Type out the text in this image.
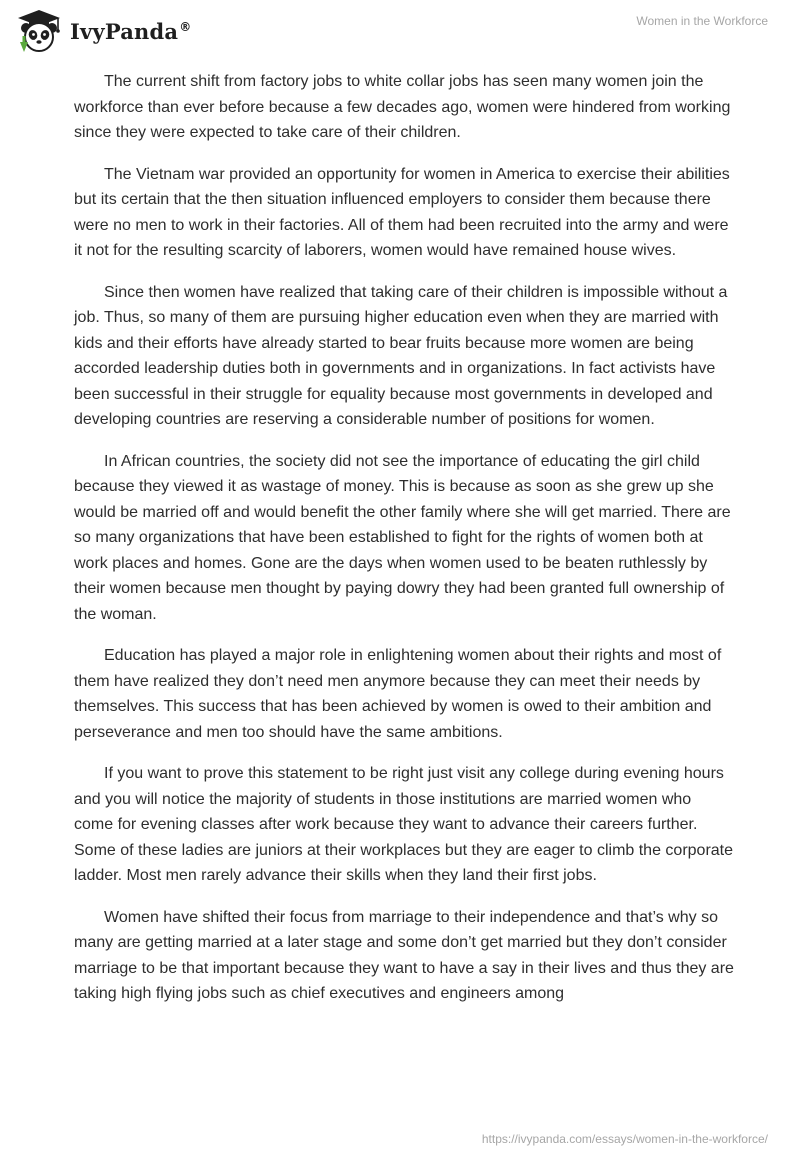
IvyPanda®	Women in the Workforce

The current shift from factory jobs to white collar jobs has seen many women join the workforce than ever before because a few decades ago, women were hindered from working since they were expected to take care of their children.

The Vietnam war provided an opportunity for women in America to exercise their abilities but its certain that the then situation influenced employers to consider them because there were no men to work in their factories. All of them had been recruited into the army and were it not for the resulting scarcity of laborers, women would have remained house wives.

Since then women have realized that taking care of their children is impossible without a job. Thus, so many of them are pursuing higher education even when they are married with kids and their efforts have already started to bear fruits because more women are being accorded leadership duties both in governments and in organizations. In fact activists have been successful in their struggle for equality because most governments in developed and developing countries are reserving a considerable number of positions for women.

In African countries, the society did not see the importance of educating the girl child because they viewed it as wastage of money. This is because as soon as she grew up she would be married off and would benefit the other family where she will get married. There are so many organizations that have been established to fight for the rights of women both at work places and homes. Gone are the days when women used to be beaten ruthlessly by their women because men thought by paying dowry they had been granted full ownership of the woman.

Education has played a major role in enlightening women about their rights and most of them have realized they don’t need men anymore because they can meet their needs by themselves. This success that has been achieved by women is owed to their ambition and perseverance and men too should have the same ambitions.

If you want to prove this statement to be right just visit any college during evening hours and you will notice the majority of students in those institutions are married women who come for evening classes after work because they want to advance their careers further. Some of these ladies are juniors at their workplaces but they are eager to climb the corporate ladder. Most men rarely advance their skills when they land their first jobs.

Women have shifted their focus from marriage to their independence and that’s why so many are getting married at a later stage and some don’t get married but they don’t consider marriage to be that important because they want to have a say in their lives and thus they are taking high flying jobs such as chief executives and engineers among

https://ivypanda.com/essays/women-in-the-workforce/
